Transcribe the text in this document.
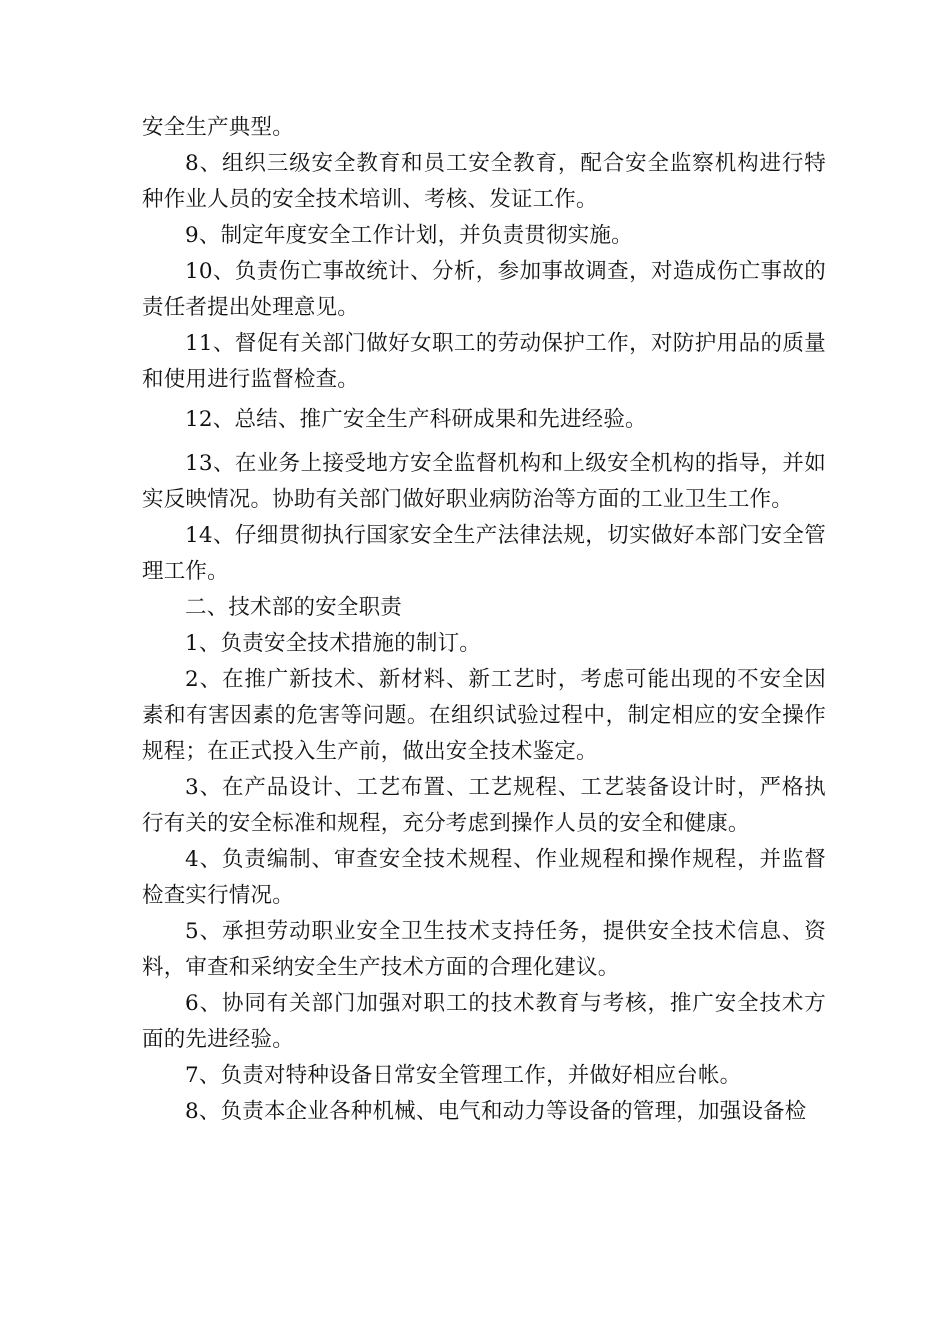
安全生产典型。

8、组织三级安全教育和员工安全教育，配合安全监察机构进行特种作业人员的安全技术培训、考核、发证工作。

9、制定年度安全工作计划，并负责贯彻实施。

10、负责伤亡事故统计、分析，参加事故调查，对造成伤亡事故的责任者提出处理意见。

11、督促有关部门做好女职工的劳动保护工作，对防护用品的质量和使用进行监督检查。

12、总结、推广安全生产科研成果和先进经验。

13、在业务上接受地方安全监督机构和上级安全机构的指导，并如实反映情况。协助有关部门做好职业病防治等方面的工业卫生工作。

14、仔细贯彻执行国家安全生产法律法规，切实做好本部门安全管理工作。

二、技术部的安全职责

1、负责安全技术措施的制订。

2、在推广新技术、新材料、新工艺时，考虑可能出现的不安全因素和有害因素的危害等问题。在组织试验过程中，制定相应的安全操作规程；在正式投入生产前，做出安全技术鉴定。

3、在产品设计、工艺布置、工艺规程、工艺装备设计时，严格执行有关的安全标准和规程，充分考虑到操作人员的安全和健康。

4、负责编制、审查安全技术规程、作业规程和操作规程，并监督检查实行情况。

5、承担劳动职业安全卫生技术支持任务，提供安全技术信息、资料，审查和采纳安全生产技术方面的合理化建议。

6、协同有关部门加强对职工的技术教育与考核，推广安全技术方面的先进经验。

7、负责对特种设备日常安全管理工作，并做好相应台帐。

8、负责本企业各种机械、电气和动力等设备的管理，加强设备检
